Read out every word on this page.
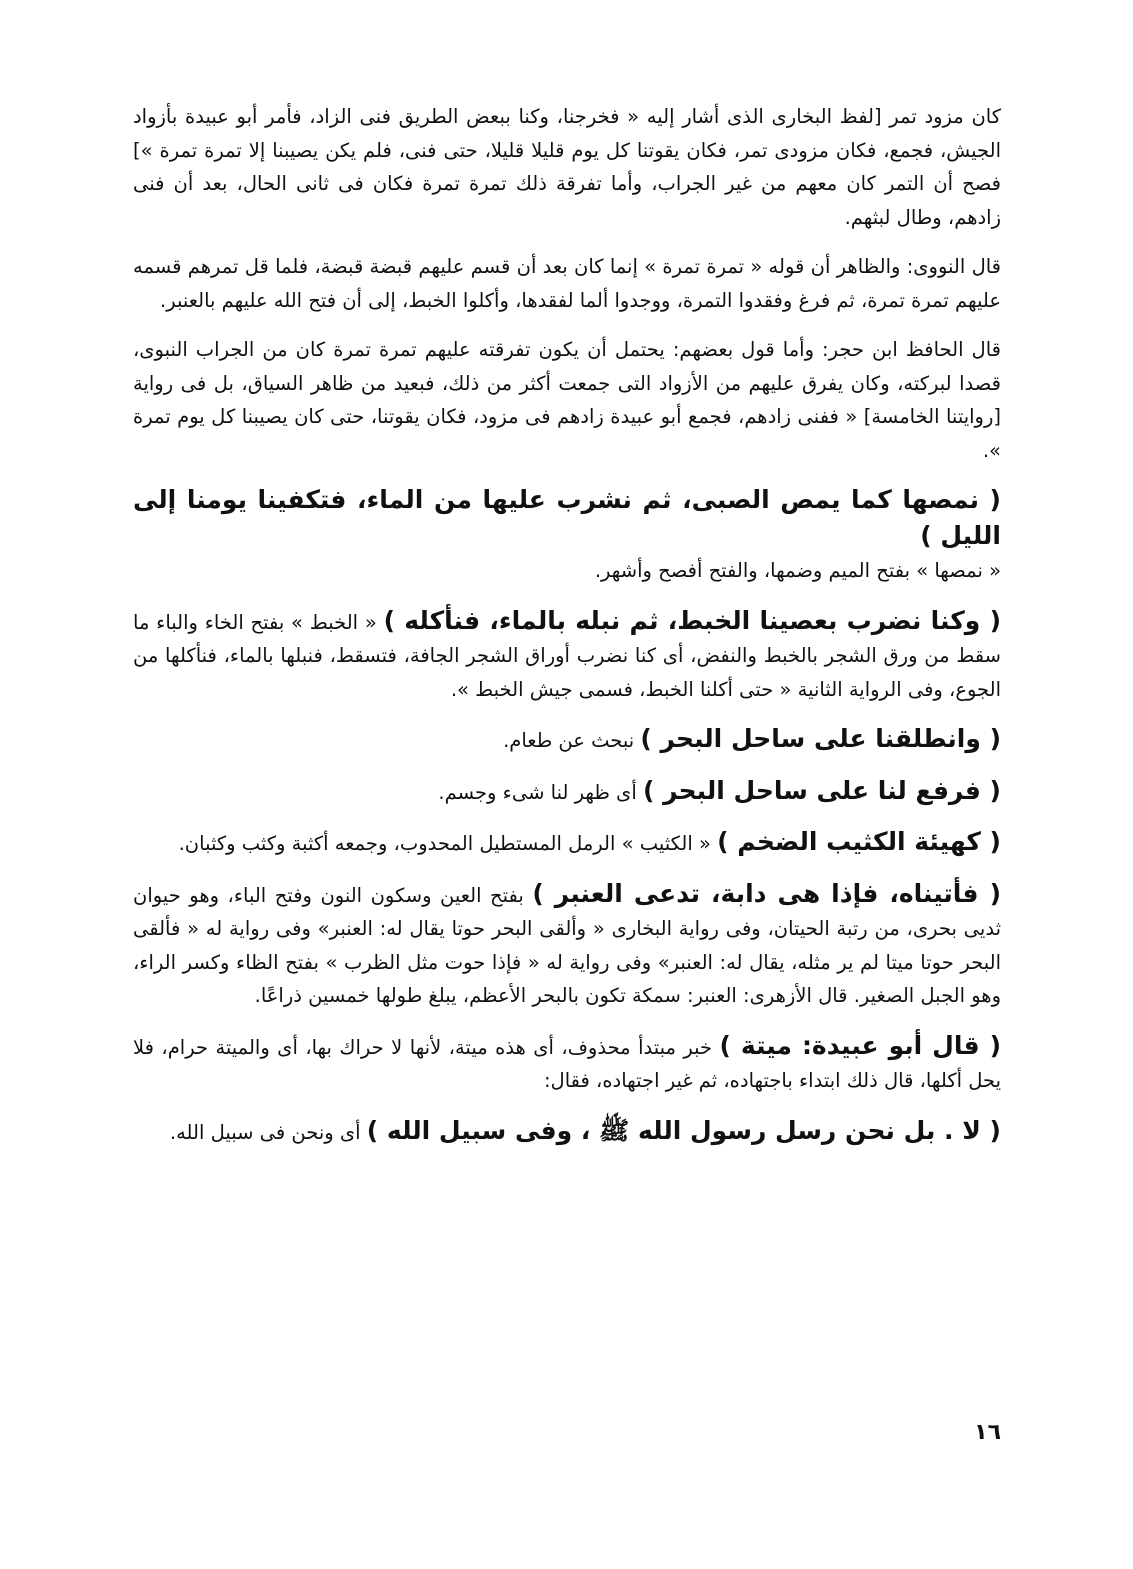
كان مزود تمر [لفظ البخارى الذى أشار إليه « فخرجنا، وكنا ببعض الطريق فنى الزاد، فأمر أبو عبيدة بأزواد الجيش، فجمع، فكان مزودى تمر، فكان يقوتنا كل يوم قليلا قليلا، حتى فنى، فلم يكن يصيبنا إلا تمرة تمرة »] فصح أن التمر كان معهم من غير الجراب، وأما تفرقة ذلك تمرة تمرة فكان فى ثانى الحال، بعد أن فنى زادهم، وطال لبثهم.

قال النووى: والظاهر أن قوله « تمرة تمرة » إنما كان بعد أن قسم عليهم قبضة قبضة، فلما قل تمرهم قسمه عليهم تمرة تمرة، ثم فرغ وفقدوا التمرة، ووجدوا ألما لفقدها، وأكلوا الخبط، إلى أن فتح الله عليهم بالعنبر.

قال الحافظ ابن حجر: وأما قول بعضهم: يحتمل أن يكون تفرقته عليهم تمرة تمرة كان من الجراب النبوى، قصدا لبركته، وكان يفرق عليهم من الأزواد التى جمعت أكثر من ذلك، فبعيد من ظاهر السياق، بل فى رواية [روايتنا الخامسة] « ففنى زادهم، فجمع أبو عبيدة زادهم فى مزود، فكان يقوتنا، حتى كان يصيبنا كل يوم تمرة ».

( نمصها كما يمص الصبى، ثم نشرب عليها من الماء، فتكفينا يومنا إلى الليل )
« نمصها » بفتح الميم وضمها، والفتح أفصح وأشهر.

( وكنا نضرب بعصينا الخبط، ثم نبله بالماء، فنأكله ) « الخبط » بفتح الخاء والباء ما سقط من ورق الشجر بالخبط والنفض، أى كنا نضرب أوراق الشجر الجافة، فتسقط، فنبلها بالماء، فنأكلها من الجوع، وفى الرواية الثانية « حتى أكلنا الخبط، فسمى جيش الخبط ».

( وانطلقنا على ساحل البحر ) نبحث عن طعام.

( فرفع لنا على ساحل البحر ) أى ظهر لنا شىء وجسم.

( كهيئة الكثيب الضخم ) « الكثيب » الرمل المستطيل المحدوب، وجمعه أكثبة وكثب وكثبان.

( فأتيناه، فإذا هى دابة، تدعى العنبر ) بفتح العين وسكون النون وفتح الباء، وهو حيوان ثديى بحرى، من رتبة الحيتان، وفى رواية البخارى « وألقى البحر حوتا يقال له: العنبر» وفى رواية له « فألقى البحر حوتا ميتا لم ير مثله، يقال له: العنبر» وفى رواية له « فإذا حوت مثل الظرب » بفتح الظاء وكسر الراء، وهو الجبل الصغير. قال الأزهرى: العنبر: سمكة تكون بالبحر الأعظم، يبلغ طولها خمسين ذراعًا.

( قال أبو عبيدة: ميتة ) خبر مبتدأ محذوف، أى هذه ميتة، لأنها لا حراك بها، أى والميتة حرام، فلا يحل أكلها، قال ذلك ابتداء باجتهاده، ثم غير اجتهاده، فقال:

( لا . بل نحن رسل رسول الله ﷺ ، وفى سبيل الله ) أى ونحن فى سبيل الله.

١٦
